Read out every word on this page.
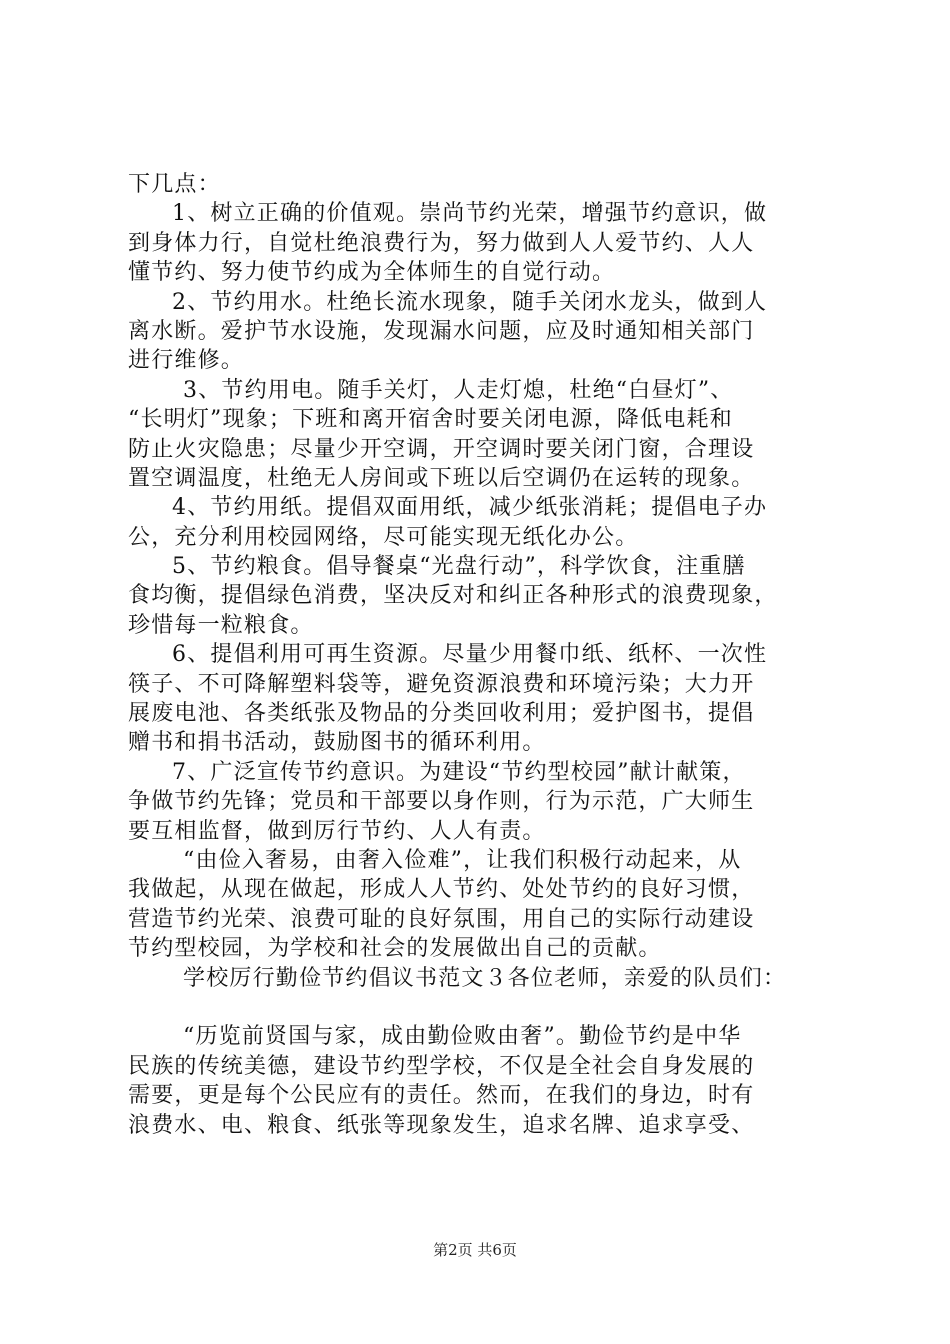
下几点：
1、树立正确的价值观。崇尚节约光荣，增强节约意识，做
到身体力行，自觉杜绝浪费行为，努力做到人人爱节约、人人
懂节约、努力使节约成为全体师生的自觉行动。
2、节约用水。杜绝长流水现象，随手关闭水龙头，做到人
离水断。爱护节水设施，发现漏水问题，应及时通知相关部门
进行维修。
3、节约用电。随手关灯，人走灯熄，杜绝“白昼灯”、
“长明灯”现象；下班和离开宿舍时要关闭电源，降低电耗和
防止火灾隐患；尽量少开空调，开空调时要关闭门窗，合理设
置空调温度，杜绝无人房间或下班以后空调仍在运转的现象。
4、节约用纸。提倡双面用纸，减少纸张消耗；提倡电子办
公，充分利用校园网络，尽可能实现无纸化办公。
5、节约粮食。倡导餐桌“光盘行动”，科学饮食，注重膳
食均衡，提倡绿色消费，坚决反对和纠正各种形式的浪费现象，
珍惜每一粒粮食。
6、提倡利用可再生资源。尽量少用餐巾纸、纸杯、一次性
筷子、不可降解塑料袋等，避免资源浪费和环境污染；大力开
展废电池、各类纸张及物品的分类回收利用；爱护图书，提倡
赠书和捐书活动，鼓励图书的循环利用。
7、广泛宣传节约意识。为建设“节约型校园”献计献策，
争做节约先锋；党员和干部要以身作则，行为示范，广大师生
要互相监督，做到厉行节约、人人有责。
“由俭入奢易，由奢入俭难”，让我们积极行动起来，从
我做起，从现在做起，形成人人节约、处处节约的良好习惯，
营造节约光荣、浪费可耻的良好氛围，用自己的实际行动建设
节约型校园，为学校和社会的发展做出自己的贡献。
学校厉行勤俭节约倡议书范文３各位老师，亲爱的队员们：
“历览前贤国与家，成由勤俭败由奢”。勤俭节约是中华
民族的传统美德，建设节约型学校，不仅是全社会自身发展的
需要，更是每个公民应有的责任。然而，在我们的身边，时有
浪费水、电、粮食、纸张等现象发生，追求名牌、追求享受、
第2页 共6页
